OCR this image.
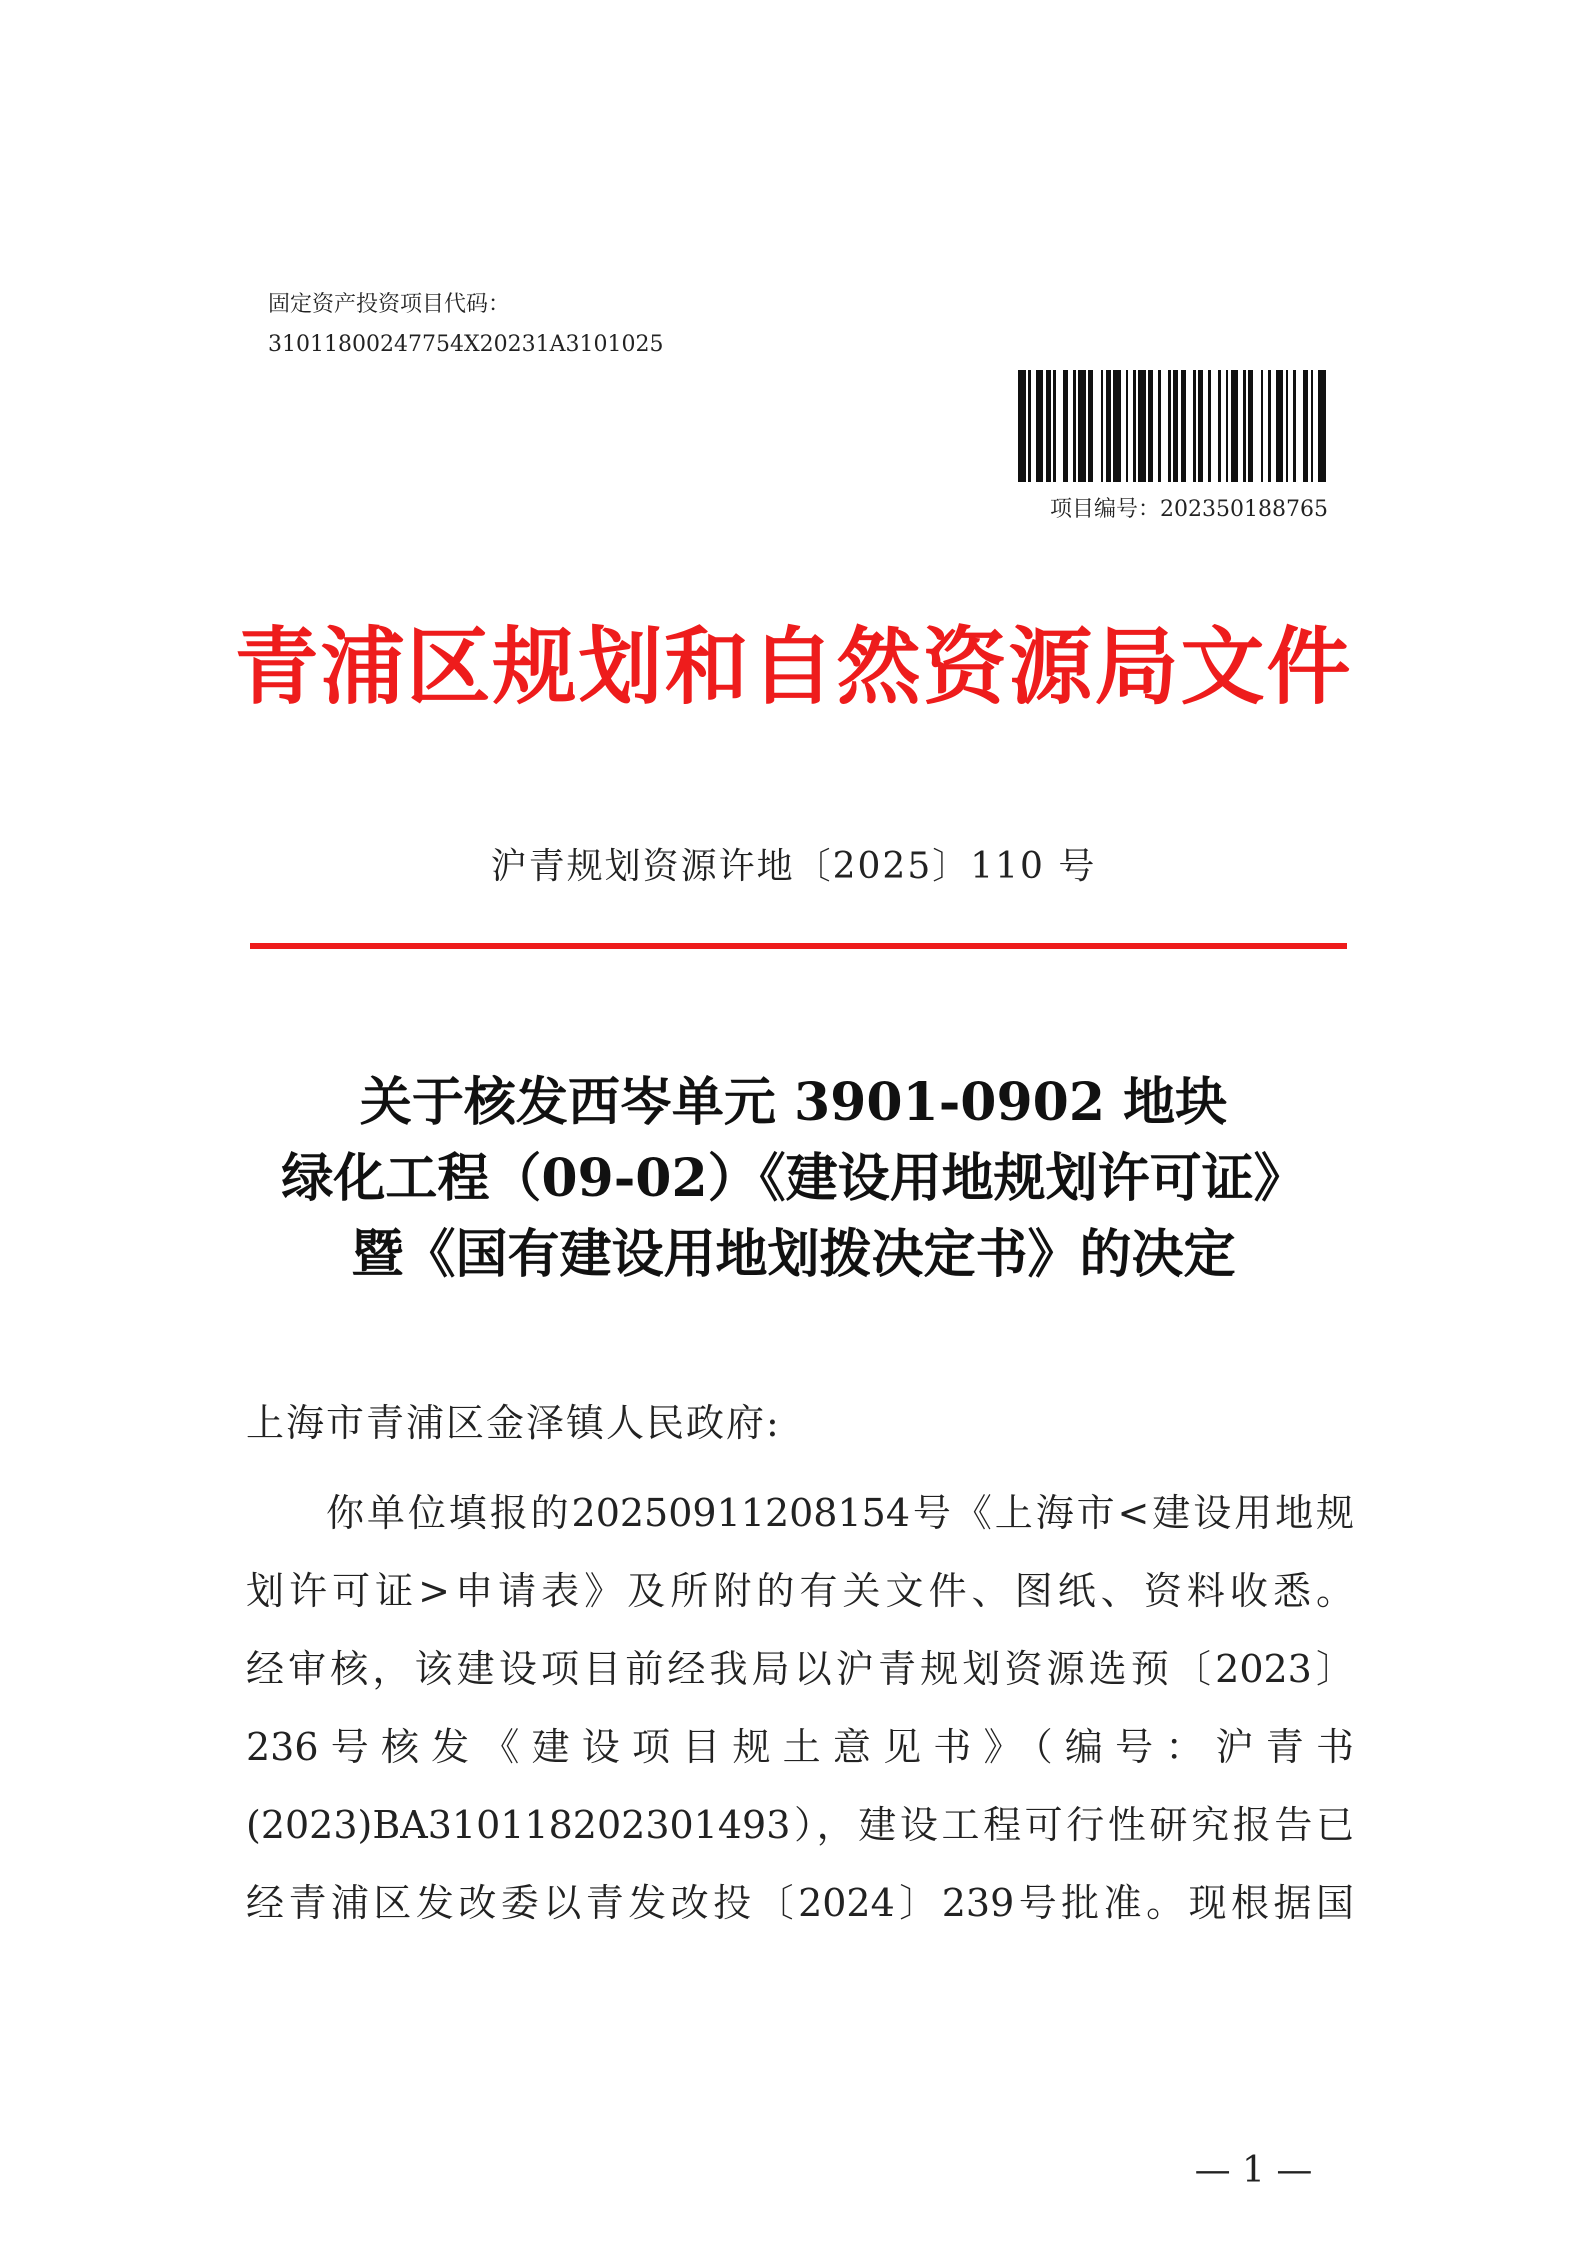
固定资产投资项目代码：
31011800247754X20231A3101025
项目编号：202350188765
青浦区规划和自然资源局文件
沪青规划资源许地〔2025〕110 号
关于核发西岑单元 3901-0902 地块
绿化工程（09-02）《建设用地规划许可证》
暨《国有建设用地划拨决定书》的决定
上海市青浦区金泽镇人民政府:
你单位填报的20250911208154号《上海市<建设用地规
划许可证>申请表》及所附的有关文件、图纸、资料收悉。
经审核，该建设项目前经我局以沪青规划资源选预〔2023〕
236号核发《建设项目规土意见书》（编号：沪青书
(2023)BA310118202301493），建设工程可行性研究报告已
经青浦区发改委以青发改投〔2024〕239号批准。现根据国
— 1 —
